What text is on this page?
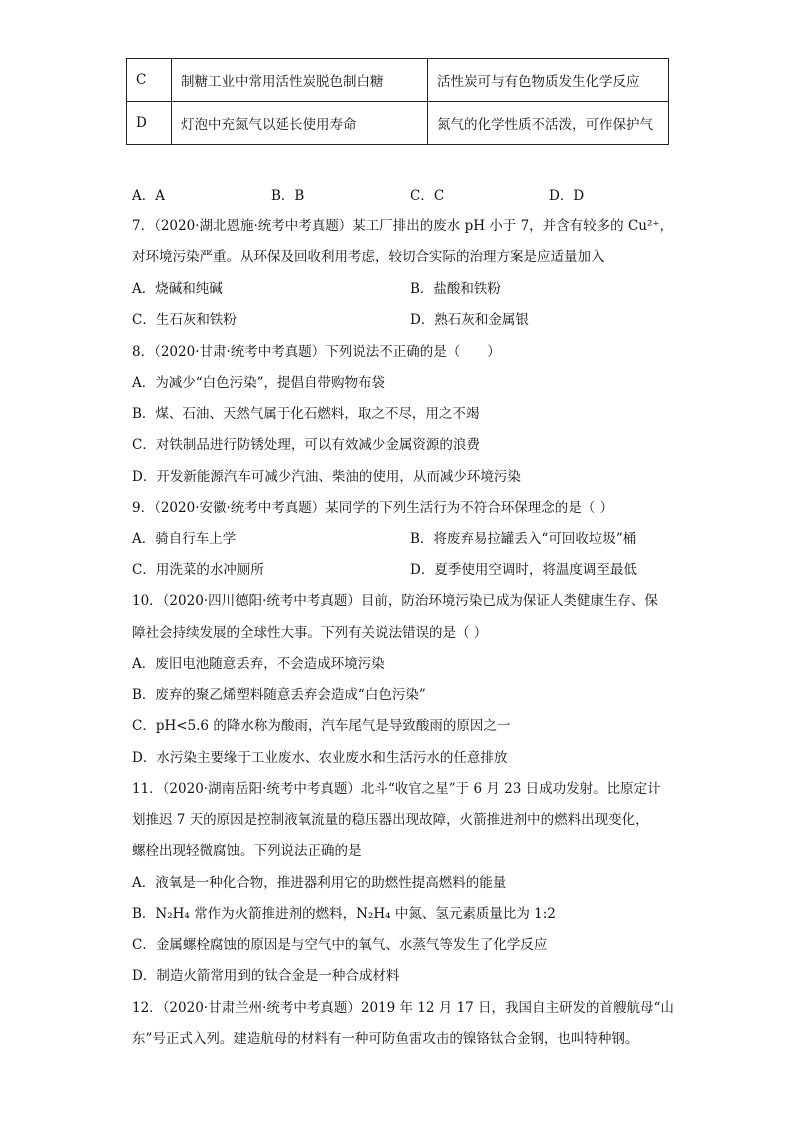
C	制糖工业中常用活性炭脱色制白糖	活性炭可与有色物质发生化学反应
D	灯泡中充氮气以延长使用寿命	氮气的化学性质不活泼，可作保护气
A．A	B．B	C．C	D．D
7．（2020·湖北恩施·统考中考真题）某工厂排出的废水 pH 小于 7，并含有较多的 Cu²⁺，
对环境污染严重。从环保及回收利用考虑，较切合实际的治理方案是应适量加入
A．烧碱和纯碱	B．盐酸和铁粉
C．生石灰和铁粉	D．熟石灰和金属银
8．（2020·甘肃·统考中考真题）下列说法不正确的是（　　）
A．为减少“白色污染”，提倡自带购物布袋
B．煤、石油、天然气属于化石燃料，取之不尽，用之不竭
C．对铁制品进行防锈处理，可以有效减少金属资源的浪费
D．开发新能源汽车可减少汽油、柴油的使用，从而减少环境污染
9．（2020·安徽·统考中考真题）某同学的下列生活行为不符合环保理念的是（ ）
A．骑自行车上学	B．将废弃易拉罐丢入“可回收垃圾”桶
C．用洗菜的水冲厕所	D．夏季使用空调时，将温度调至最低
10．（2020·四川德阳·统考中考真题）目前，防治环境污染已成为保证人类健康生存、保
障社会持续发展的全球性大事。下列有关说法错误的是（ ）
A．废旧电池随意丢弃，不会造成环境污染
B．废弃的聚乙烯塑料随意丢弃会造成“白色污染”
C．pH<5.6 的降水称为酸雨，汽车尾气是导致酸雨的原因之一
D．水污染主要缘于工业废水、农业废水和生活污水的任意排放
11．（2020·湖南岳阳·统考中考真题）北斗“收官之星”于 6 月 23 日成功发射。比原定计
划推迟 7 天的原因是控制液氧流量的稳压器出现故障，火箭推进剂中的燃料出现变化，
螺栓出现轻微腐蚀。下列说法正确的是
A．液氧是一种化合物，推进器利用它的助燃性提高燃料的能量
B．N₂H₄ 常作为火箭推进剂的燃料，N₂H₄ 中氮、氢元素质量比为 1:2
C．金属螺栓腐蚀的原因是与空气中的氧气、水蒸气等发生了化学反应
D．制造火箭常用到的钛合金是一种合成材料
12．（2020·甘肃兰州·统考中考真题）2019 年 12 月 17 日，我国自主研发的首艘航母“山
东”号正式入列。建造航母的材料有一种可防鱼雷攻击的镍铬钛合金钢，也叫特种钢。
